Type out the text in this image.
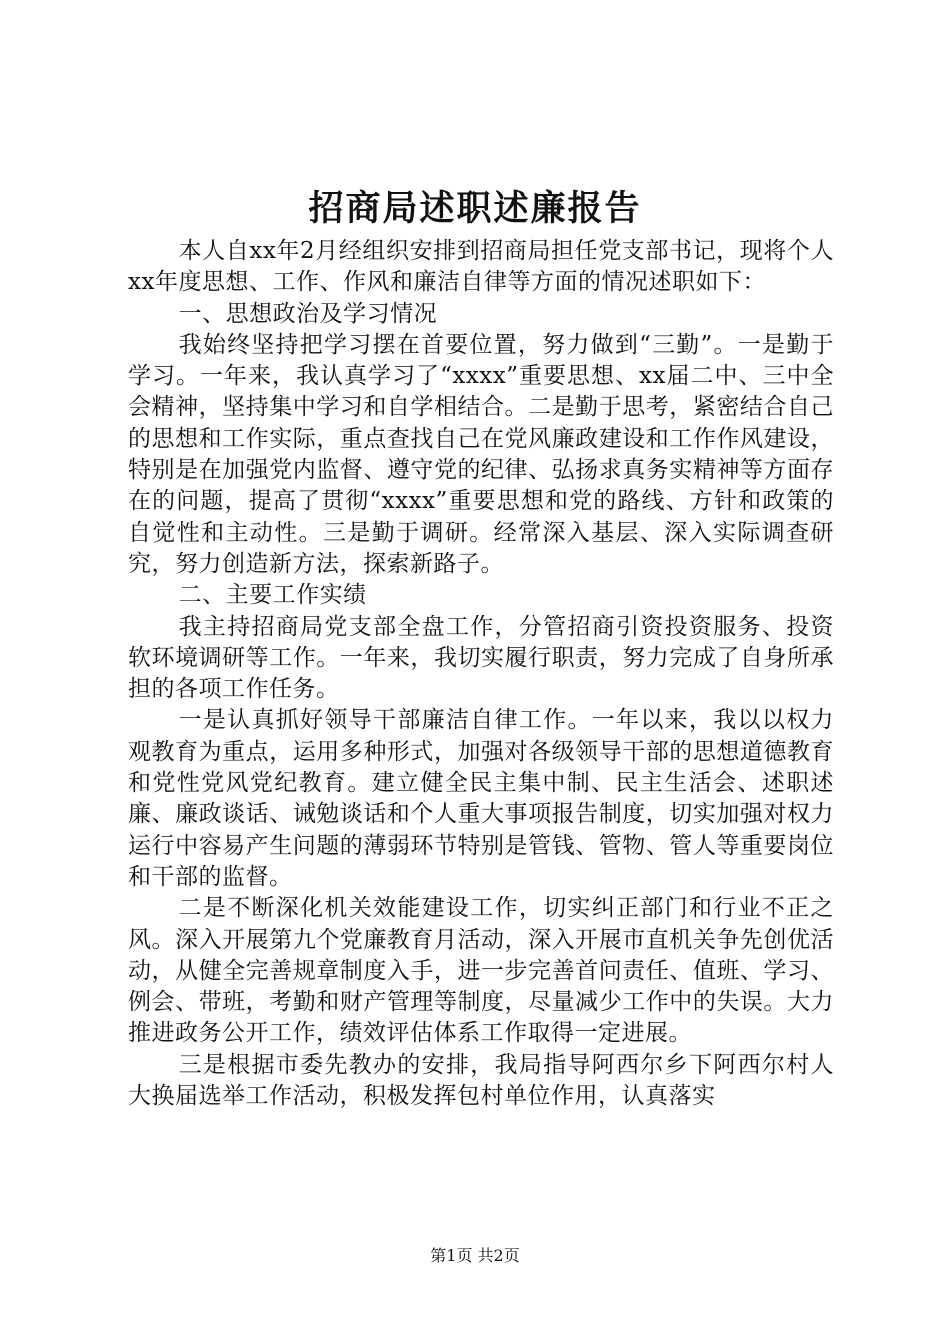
招商局述职述廉报告

本人自xx年2月经组织安排到招商局担任党支部书记，现将个人xx年度思想、工作、作风和廉洁自律等方面的情况述职如下：

一、思想政治及学习情况

我始终坚持把学习摆在首要位置，努力做到“三勤”。一是勤于学习。一年来，我认真学习了“xxxx”重要思想、xx届二中、三中全会精神，坚持集中学习和自学相结合。二是勤于思考，紧密结合自己的思想和工作实际，重点查找自己在党风廉政建设和工作作风建设，特别是在加强党内监督、遵守党的纪律、弘扬求真务实精神等方面存在的问题，提高了贯彻“xxxx”重要思想和党的路线、方针和政策的自觉性和主动性。三是勤于调研。经常深入基层、深入实际调查研究，努力创造新方法，探索新路子。

二、主要工作实绩

我主持招商局党支部全盘工作，分管招商引资投资服务、投资软环境调研等工作。一年来，我切实履行职责，努力完成了自身所承担的各项工作任务。

一是认真抓好领导干部廉洁自律工作。一年以来，我以以权力观教育为重点，运用多种形式，加强对各级领导干部的思想道德教育和党性党风党纪教育。建立健全民主集中制、民主生活会、述职述廉、廉政谈话、诫勉谈话和个人重大事项报告制度，切实加强对权力运行中容易产生问题的薄弱环节特别是管钱、管物、管人等重要岗位和干部的监督。

二是不断深化机关效能建设工作，切实纠正部门和行业不正之风。深入开展第九个党廉教育月活动，深入开展市直机关争先创优活动，从健全完善规章制度入手，进一步完善首问责任、值班、学习、例会、带班，考勤和财产管理等制度，尽量减少工作中的失误。大力推进政务公开工作，绩效评估体系工作取得一定进展。

三是根据市委先教办的安排，我局指导阿西尔乡下阿西尔村人大换届选举工作活动，积极发挥包村单位作用，认真落实

第1页 共2页
